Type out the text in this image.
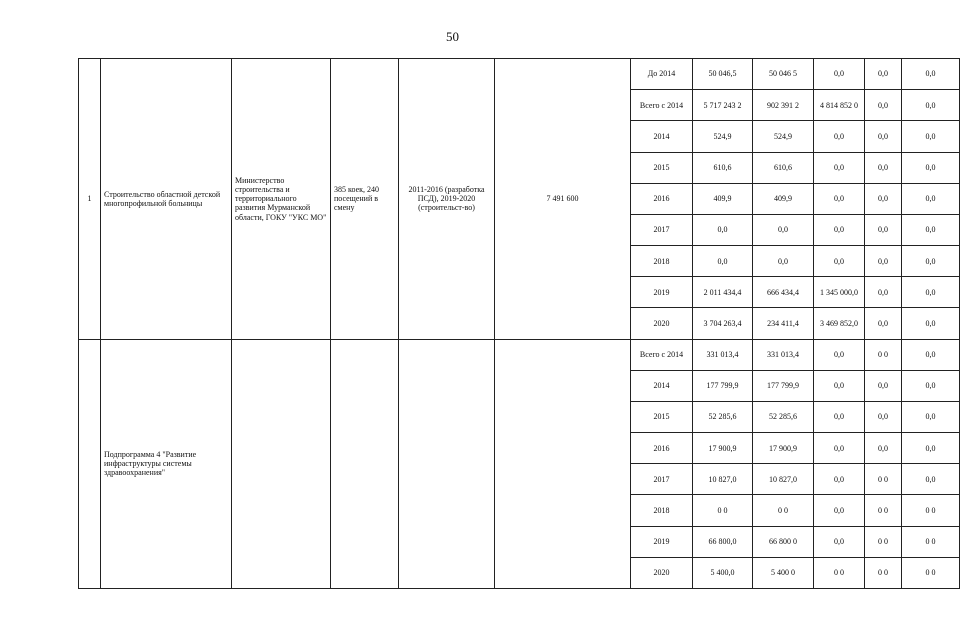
50
1	Строительство областной детской многопрофильной больницы	Министерство строительства и территориального развития Мурманской области, ГОКУ "УКС МО"	385 коек, 240 посещений в смену	2011-2016 (разработка ПСД), 2019-2020 (строительст-во)	7 491 600	До 2014	50 046,5	50 046 5	0,0	0,0	0,0
						Всего с 2014	5 717 243 2	902 391 2	4 814 852 0	0,0	0,0
						2014	524,9	524,9	0,0	0,0	0,0
						2015	610,6	610,6	0,0	0,0	0,0
						2016	409,9	409,9	0,0	0,0	0,0
						2017	0,0	0,0	0,0	0,0	0,0
						2018	0,0	0,0	0,0	0,0	0,0
						2019	2 011 434,4	666 434,4	1 345 000,0	0,0	0,0
						2020	3 704 263,4	234 411,4	3 469 852,0	0,0	0,0

	Подпрограмма 4 "Развитие инфраструктуры системы здравоохранения"					Всего с 2014	331 013,4	331 013,4	0,0	0 0	0,0
						2014	177 799,9	177 799,9	0,0	0,0	0,0
						2015	52 285,6	52 285,6	0,0	0,0	0,0
						2016	17 900,9	17 900,9	0,0	0,0	0,0
						2017	10 827,0	10 827,0	0,0	0 0	0,0
						2018	0 0	0 0	0,0	0 0	0 0
						2019	66 800,0	66 800 0	0,0	0 0	0 0
						2020	5 400,0	5 400 0	0 0	0 0	0 0
